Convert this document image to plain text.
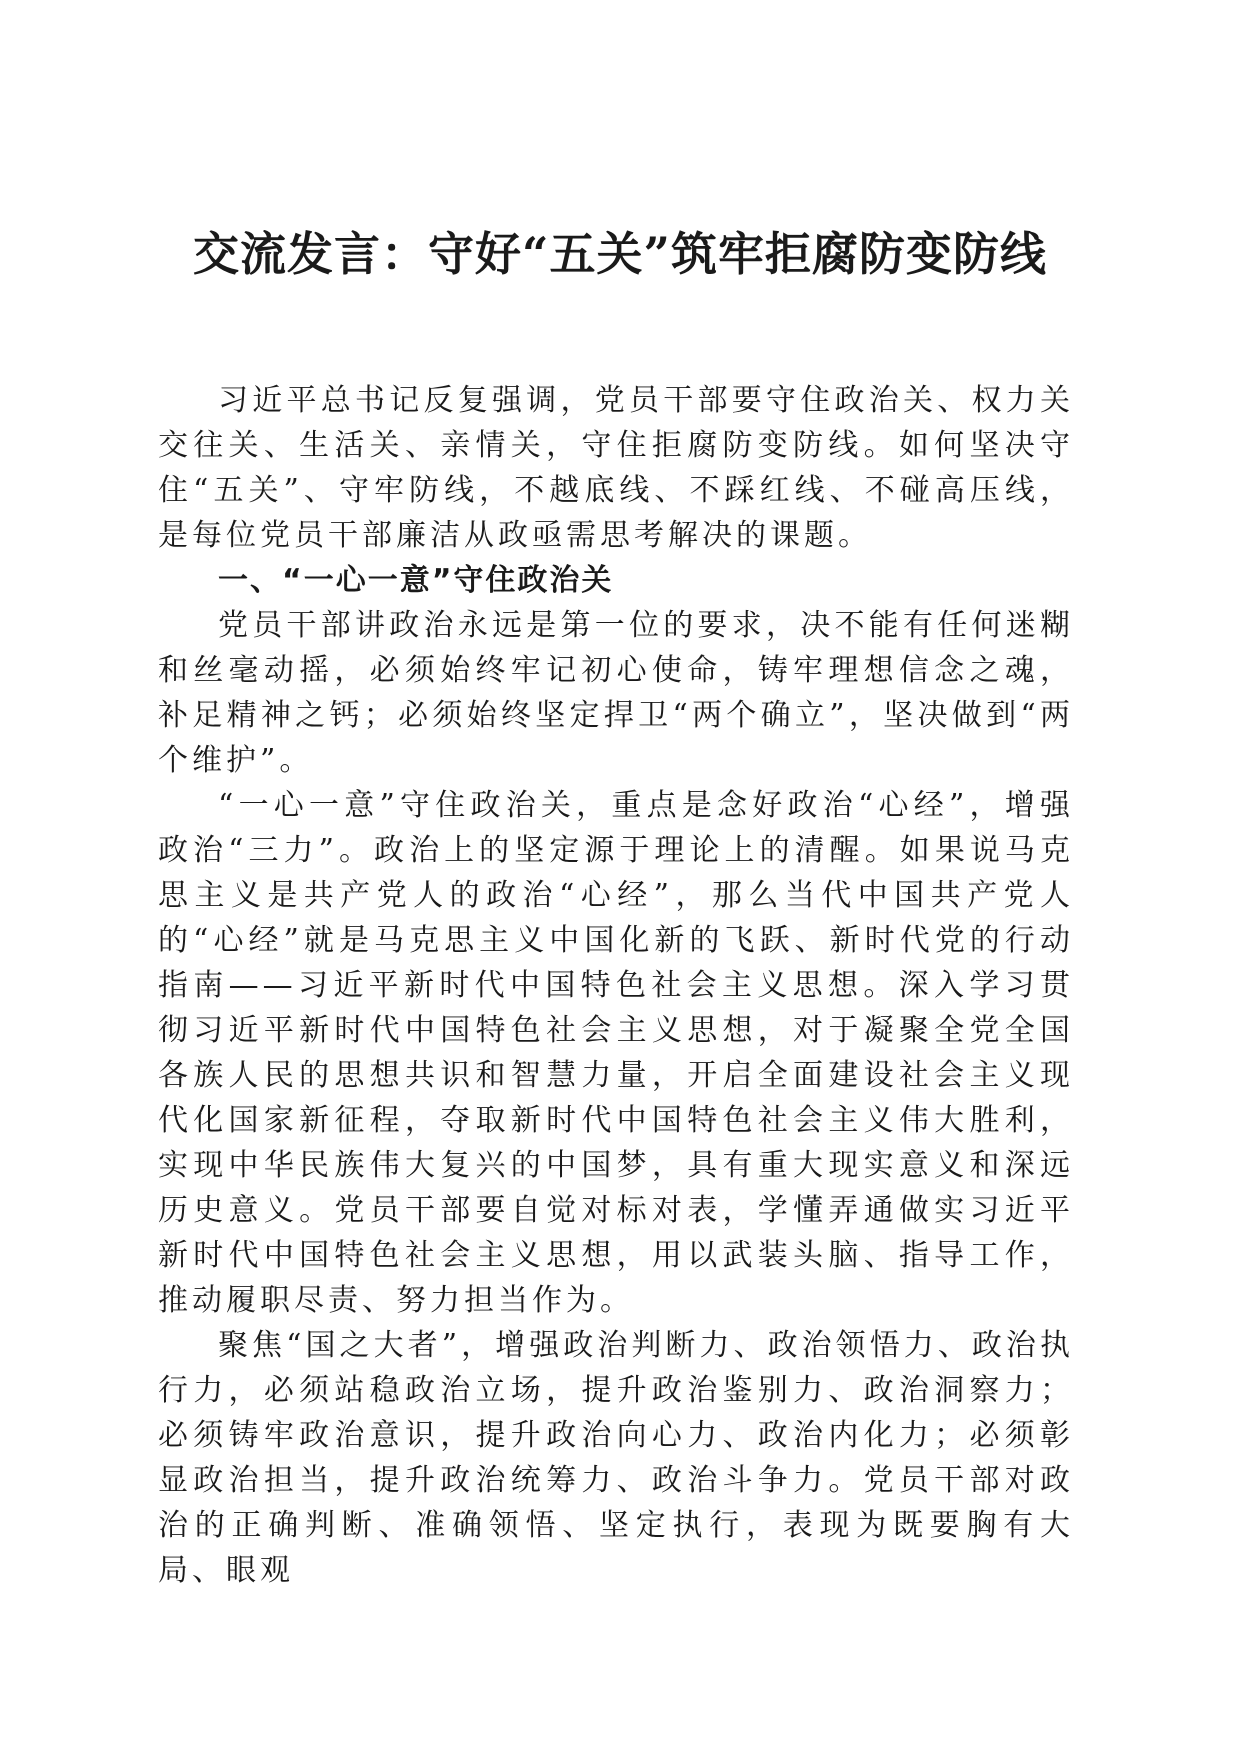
交流发言：守好“五关”筑牢拒腐防变防线

习近平总书记反复强调，党员干部要守住政治关、权力关交往关、生活关、亲情关，守住拒腐防变防线。如何坚决守住“五关”、守牢防线，不越底线、不踩红线、不碰高压线，是每位党员干部廉洁从政亟需思考解决的课题。

一、“一心一意”守住政治关

党员干部讲政治永远是第一位的要求，决不能有任何迷糊和丝毫动摇，必须始终牢记初心使命，铸牢理想信念之魂，补足精神之钙；必须始终坚定捍卫“两个确立”，坚决做到“两个维护”。

“一心一意”守住政治关，重点是念好政治“心经”，增强政治“三力”。政治上的坚定源于理论上的清醒。如果说马克思主义是共产党人的政治“心经”，那么当代中国共产党人的“心经”就是马克思主义中国化新的飞跃、新时代党的行动指南——习近平新时代中国特色社会主义思想。深入学习贯彻习近平新时代中国特色社会主义思想，对于凝聚全党全国各族人民的思想共识和智慧力量，开启全面建设社会主义现代化国家新征程，夺取新时代中国特色社会主义伟大胜利，实现中华民族伟大复兴的中国梦，具有重大现实意义和深远历史意义。党员干部要自觉对标对表，学懂弄通做实习近平新时代中国特色社会主义思想，用以武装头脑、指导工作，推动履职尽责、努力担当作为。

聚焦“国之大者”，增强政治判断力、政治领悟力、政治执行力，必须站稳政治立场，提升政治鉴别力、政治洞察力；必须铸牢政治意识，提升政治向心力、政治内化力；必须彰显政治担当，提升政治统筹力、政治斗争力。党员干部对政治的正确判断、准确领悟、坚定执行，表现为既要胸有大局、眼观
